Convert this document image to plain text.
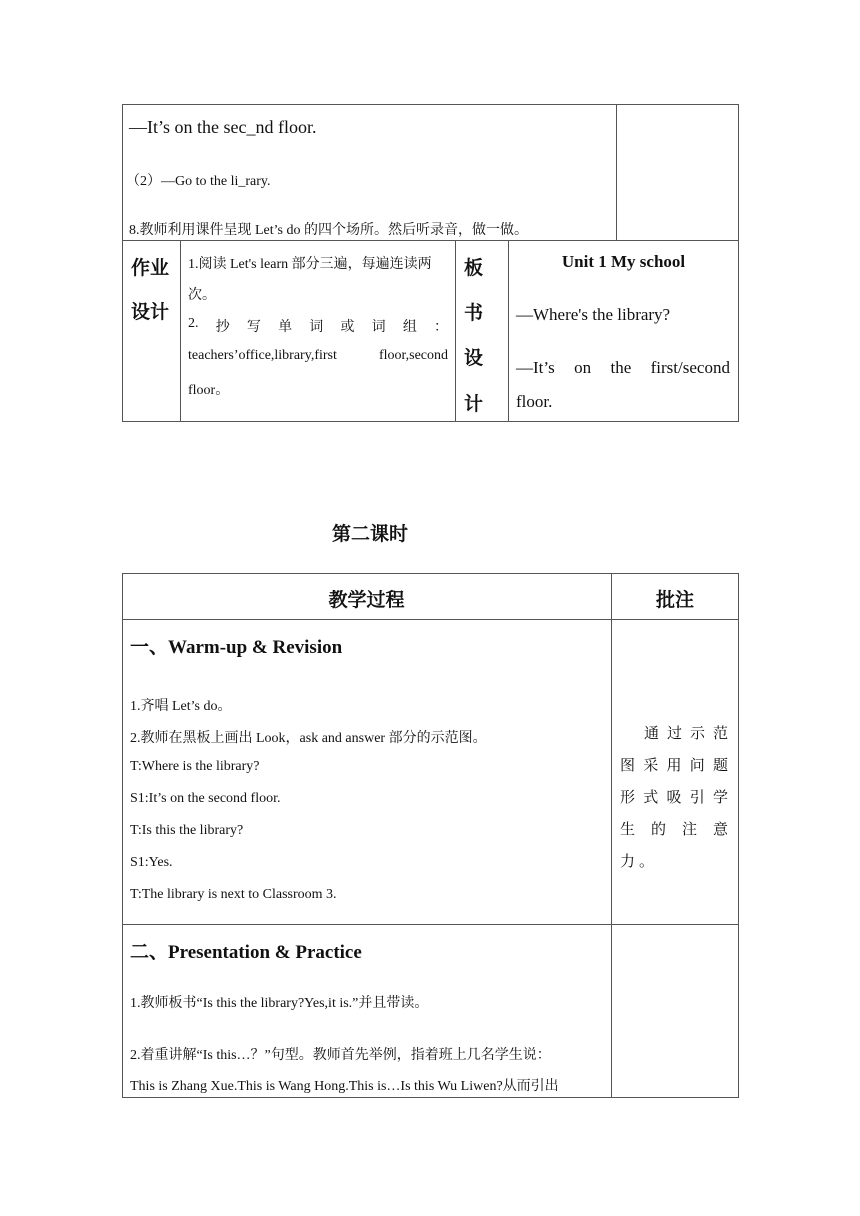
—It’s on the sec_nd floor.
（2）—Go to the li_rary.
8.教师利用课件呈现 Let’s do 的四个场所。然后听录音，做一做。
作业
设计
1.阅读 Let's learn 部分三遍，每遍连读两
次。
2. 抄 写 单 词 或 词 组 ：
teachers’office,library,first	floor,second
floor。
板
书
设
计
Unit 1 My school
—Where's the library?
—It’s on the first/second
floor.
第二课时
教学过程	批注
一、Warm-up & Revision
1.齐唱 Let’s do。
2.教师在黑板上画出 Look，ask and answer 部分的示范图。
T:Where is the library?
S1:It’s on the second floor.
T:Is this the library?
S1:Yes.
T:The library is next to Classroom 3.
通过示范图采用问题形式吸引学生的注意力。
二、Presentation & Practice
1.教师板书“Is this the library?Yes,it is.”并且带读。
2.着重讲解“Is this…？”句型。教师首先举例，指着班上几名学生说：
This is Zhang Xue.This is Wang Hong.This is…Is this Wu Liwen?从而引出
